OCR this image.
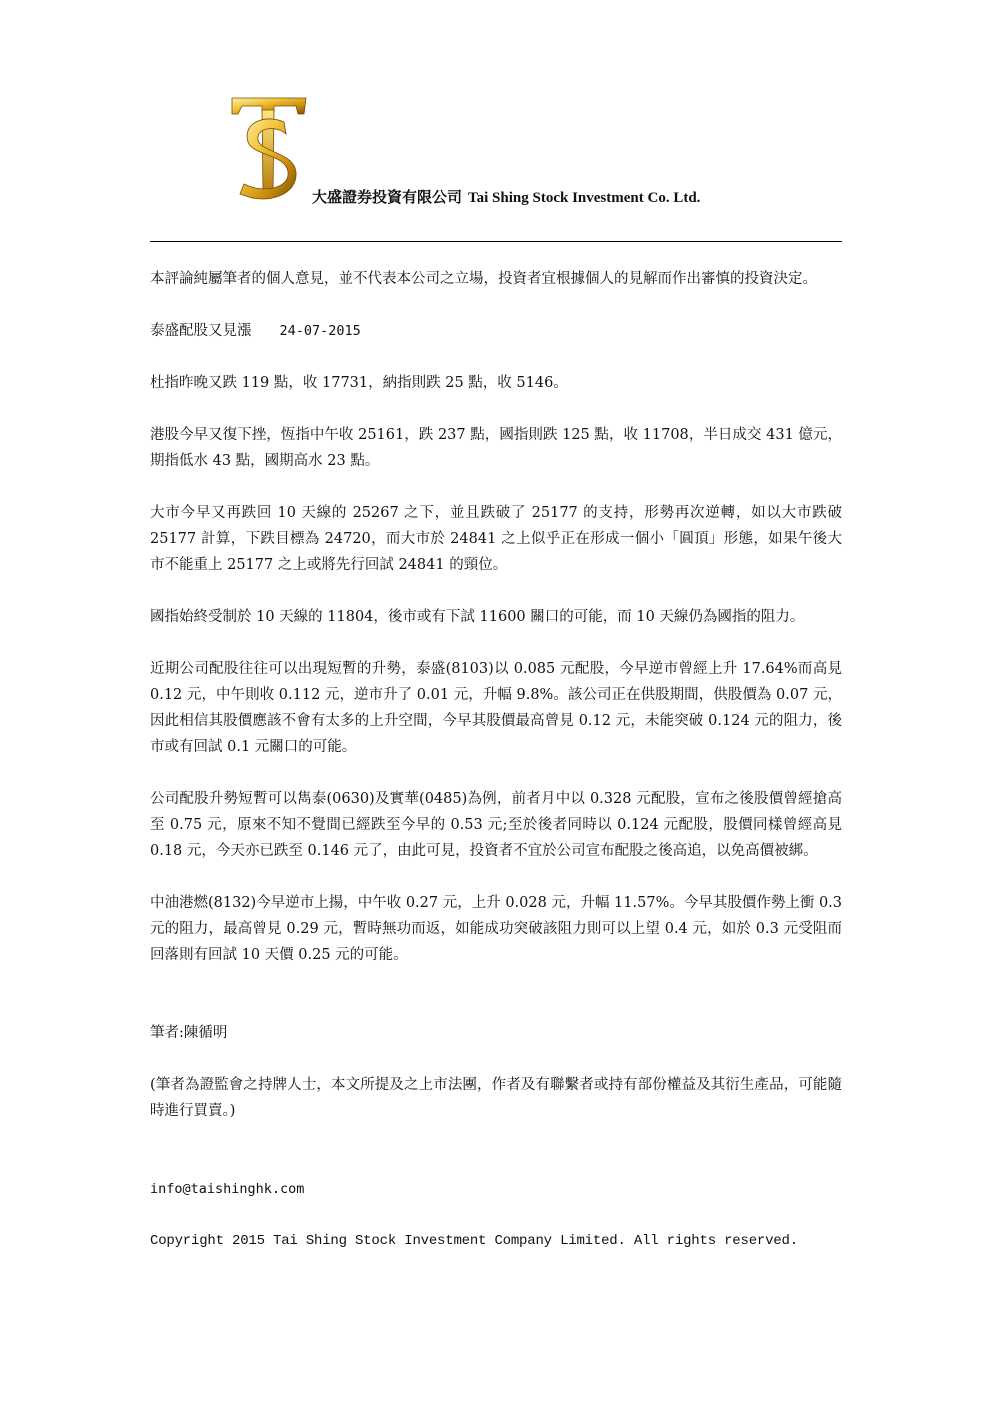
大盛證券投資有限公司 Tai Shing Stock Investment Co. Ltd.

本評論純屬筆者的個人意見，並不代表本公司之立場，投資者宜根據個人的見解而作出審慎的投資決定。

泰盛配股又見漲 24-07-2015

杜指昨晚又跌 119 點，收 17731，納指則跌 25 點，收 5146。

港股今早又復下挫，恆指中午收 25161，跌 237 點，國指則跌 125 點，收 11708，半日成交 431 億元，期指低水 43 點，國期高水 23 點。

大市今早又再跌回 10 天線的 25267 之下，並且跌破了 25177 的支持，形勢再次逆轉，如以大市跌破 25177 計算，下跌目標為 24720，而大市於 24841 之上似乎正在形成一個小「圓頂」形態，如果午後大市不能重上 25177 之上或將先行回試 24841 的頸位。

國指始終受制於 10 天線的 11804，後市或有下試 11600 關口的可能，而 10 天線仍為國指的阻力。

近期公司配股往往可以出現短暫的升勢，泰盛(8103)以 0.085 元配股，今早逆市曾經上升 17.64%而高見 0.12 元，中午則收 0.112 元，逆市升了 0.01 元，升幅 9.8%。該公司正在供股期間，供股價為 0.07 元，因此相信其股價應該不會有太多的上升空間，今早其股價最高曾見 0.12 元，未能突破 0.124 元的阻力，後市或有回試 0.1 元關口的可能。

公司配股升勢短暫可以雋泰(0630)及實華(0485)為例，前者月中以 0.328 元配股，宣布之後股價曾經搶高至 0.75 元，原來不知不覺間已經跌至今早的 0.53 元;至於後者同時以 0.124 元配股，股價同樣曾經高見 0.18 元，今天亦已跌至 0.146 元了，由此可見，投資者不宜於公司宣布配股之後高追，以免高價被綁。

中油港燃(8132)今早逆市上揚，中午收 0.27 元，上升 0.028 元，升幅 11.57%。今早其股價作勢上衝 0.3 元的阻力，最高曾見 0.29 元，暫時無功而返，如能成功突破該阻力則可以上望 0.4 元，如於 0.3 元受阻而回落則有回試 10 天價 0.25 元的可能。

筆者:陳循明

(筆者為證監會之持牌人士，本文所提及之上市法團，作者及有聯繫者或持有部份權益及其衍生產品，可能隨時進行買賣。)

info@taishinghk.com

Copyright 2015 Tai Shing Stock Investment Company Limited. All rights reserved.
